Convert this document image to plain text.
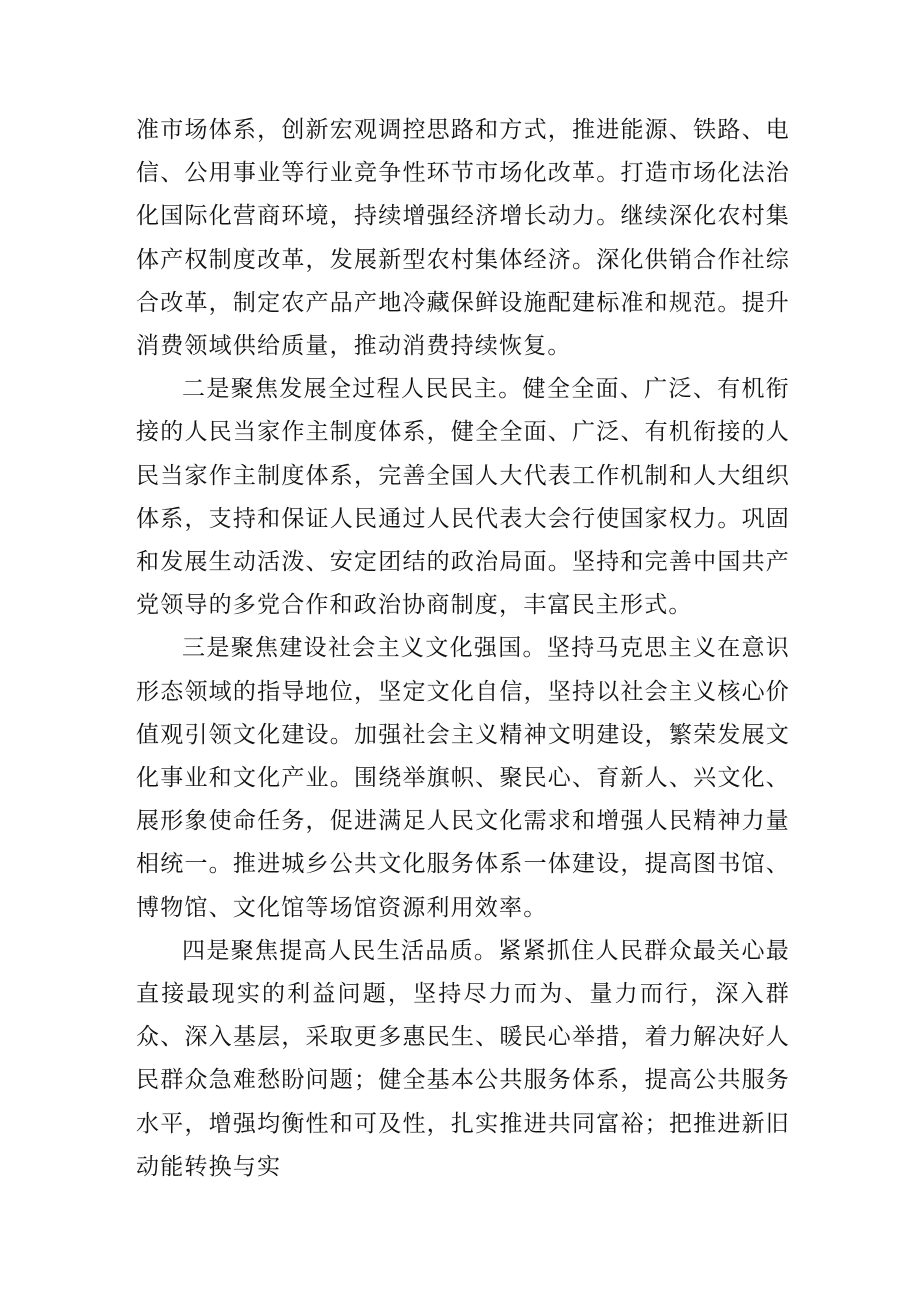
准市场体系，创新宏观调控思路和方式，推进能源、铁路、电信、公用事业等行业竞争性环节市场化改革。打造市场化法治化国际化营商环境，持续增强经济增长动力。继续深化农村集体产权制度改革，发展新型农村集体经济。深化供销合作社综合改革，制定农产品产地冷藏保鲜设施配建标准和规范。提升消费领域供给质量，推动消费持续恢复。

二是聚焦发展全过程人民民主。健全全面、广泛、有机衔接的人民当家作主制度体系，健全全面、广泛、有机衔接的人民当家作主制度体系，完善全国人大代表工作机制和人大组织体系，支持和保证人民通过人民代表大会行使国家权力。巩固和发展生动活泼、安定团结的政治局面。坚持和完善中国共产党领导的多党合作和政治协商制度，丰富民主形式。

三是聚焦建设社会主义文化强国。坚持马克思主义在意识形态领域的指导地位，坚定文化自信，坚持以社会主义核心价值观引领文化建设。加强社会主义精神文明建设，繁荣发展文化事业和文化产业。围绕举旗帜、聚民心、育新人、兴文化、展形象使命任务，促进满足人民文化需求和增强人民精神力量相统一。推进城乡公共文化服务体系一体建设，提高图书馆、博物馆、文化馆等场馆资源利用效率。

四是聚焦提高人民生活品质。紧紧抓住人民群众最关心最直接最现实的利益问题，坚持尽力而为、量力而行，深入群众、深入基层，采取更多惠民生、暖民心举措，着力解决好人民群众急难愁盼问题；健全基本公共服务体系，提高公共服务水平，增强均衡性和可及性，扎实推进共同富裕；把推进新旧动能转换与实
